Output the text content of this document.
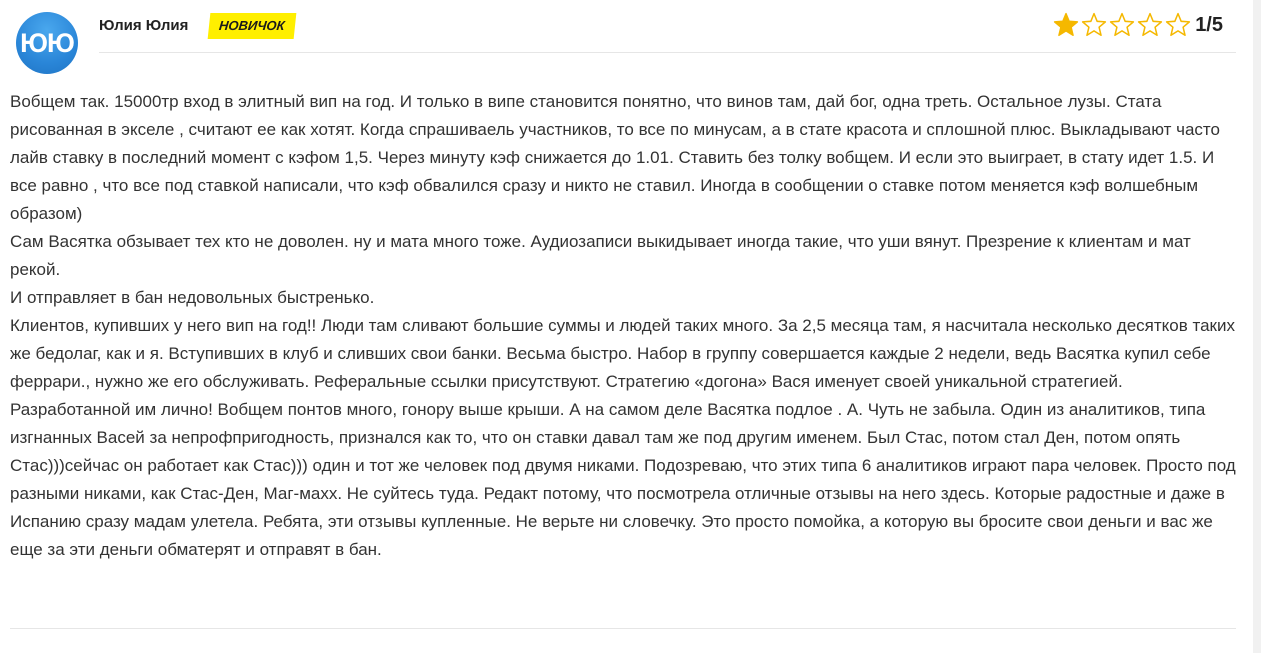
ЮЮ
Юлия Юлия	НОВИЧОК	1/5

Вобщем так. 15000тр вход в элитный вип на год. И только в випе становится понятно, что винов там, дай бог, одна треть. Остальное лузы. Стата рисованная в экселе , считают ее как хотят. Когда спрашиваель участников, то все по минусам, а в стате красота и сплошной плюс. Выкладывают часто лайв ставку в последний момент с кэфом 1,5. Через минуту кэф снижается до 1.01. Ставить без толку вобщем. И если это выиграет, в стату идет 1.5. И все равно , что все под ставкой написали, что кэф обвалился сразу и никто не ставил. Иногда в сообщении о ставке потом меняется кэф волшебным образом)

Сам Васятка обзывает тех кто не доволен. ну и мата много тоже. Аудиозаписи выкидывает иногда такие, что уши вянут. Презрение к клиентам и мат рекой.

И отправляет в бан недовольных быстренько.

Клиентов, купивших у него вип на год!! Люди там сливают большие суммы и людей таких много. За 2,5 месяца там, я насчитала несколько десятков таких же бедолаг, как и я. Вступивших в клуб и сливших свои банки. Весьма быстро. Набор в группу совершается каждые 2 недели, ведь Васятка купил себе феррари., нужно же его обслуживать. Реферальные ссылки присутствуют. Стратегию «догона» Вася именует своей уникальной стратегией. Разработанной им лично! Вобщем понтов много, гонору выше крыши. А на самом деле Васятка подлое . А. Чуть не забыла. Один из аналитиков, типа изгнанных Васей за непрофпригодность, признался как то, что он ставки давал там же под другим именем. Был Стас, потом стал Ден, потом опять Стас)))сейчас он работает как Стас))) один и тот же человек под двумя никами. Подозреваю, что этих типа 6 аналитиков играют пара человек. Просто под разными никами, как Стас-Ден, Маг-маxx. Не суйтесь туда. Редакт потому, что посмотрела отличные отзывы на него здесь. Которые радостные и даже в Испанию сразу мадам улетела. Ребята, эти отзывы купленные. Не верьте ни словечку. Это просто помойка, а которую вы бросите свои деньги и вас же еще за эти деньги обматерят и отправят в бан.
